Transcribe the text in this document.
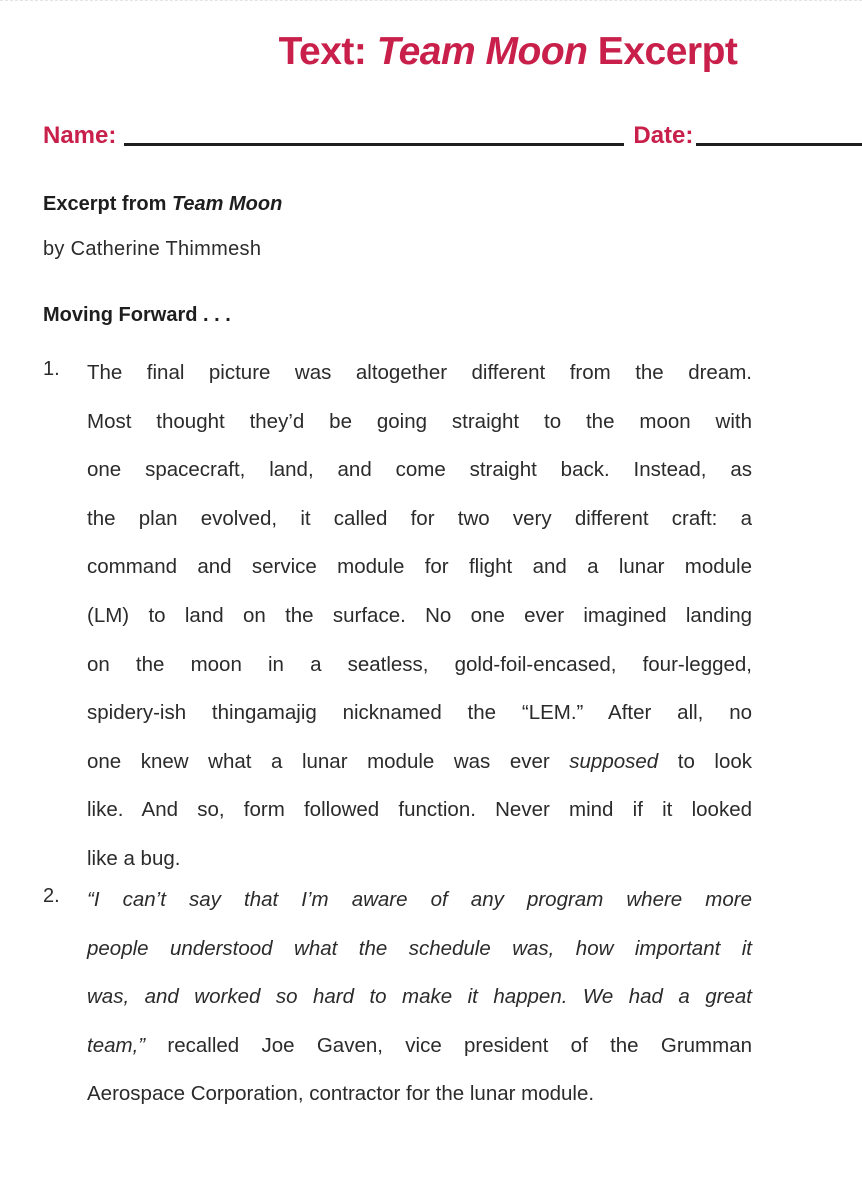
Text: Team Moon Excerpt
Name:	Date:
Excerpt from Team Moon
by Catherine Thimmesh
Moving Forward . . .
1. The final picture was altogether different from the dream.
Most thought they’d be going straight to the moon with
one spacecraft, land, and come straight back. Instead, as
the plan evolved, it called for two very different craft: a
command and service module for flight and a lunar module
(LM) to land on the surface. No one ever imagined landing
on the moon in a seatless, gold-foil-encased, four-legged,
spidery-ish thingamajig nicknamed the “LEM.” After all, no
one knew what a lunar module was ever supposed to look
like. And so, form followed function. Never mind if it looked
like a bug.
2. “I can’t say that I’m aware of any program where more
people understood what the schedule was, how important it
was, and worked so hard to make it happen. We had a great
team,” recalled Joe Gaven, vice president of the Grumman
Aerospace Corporation, contractor for the lunar module.
